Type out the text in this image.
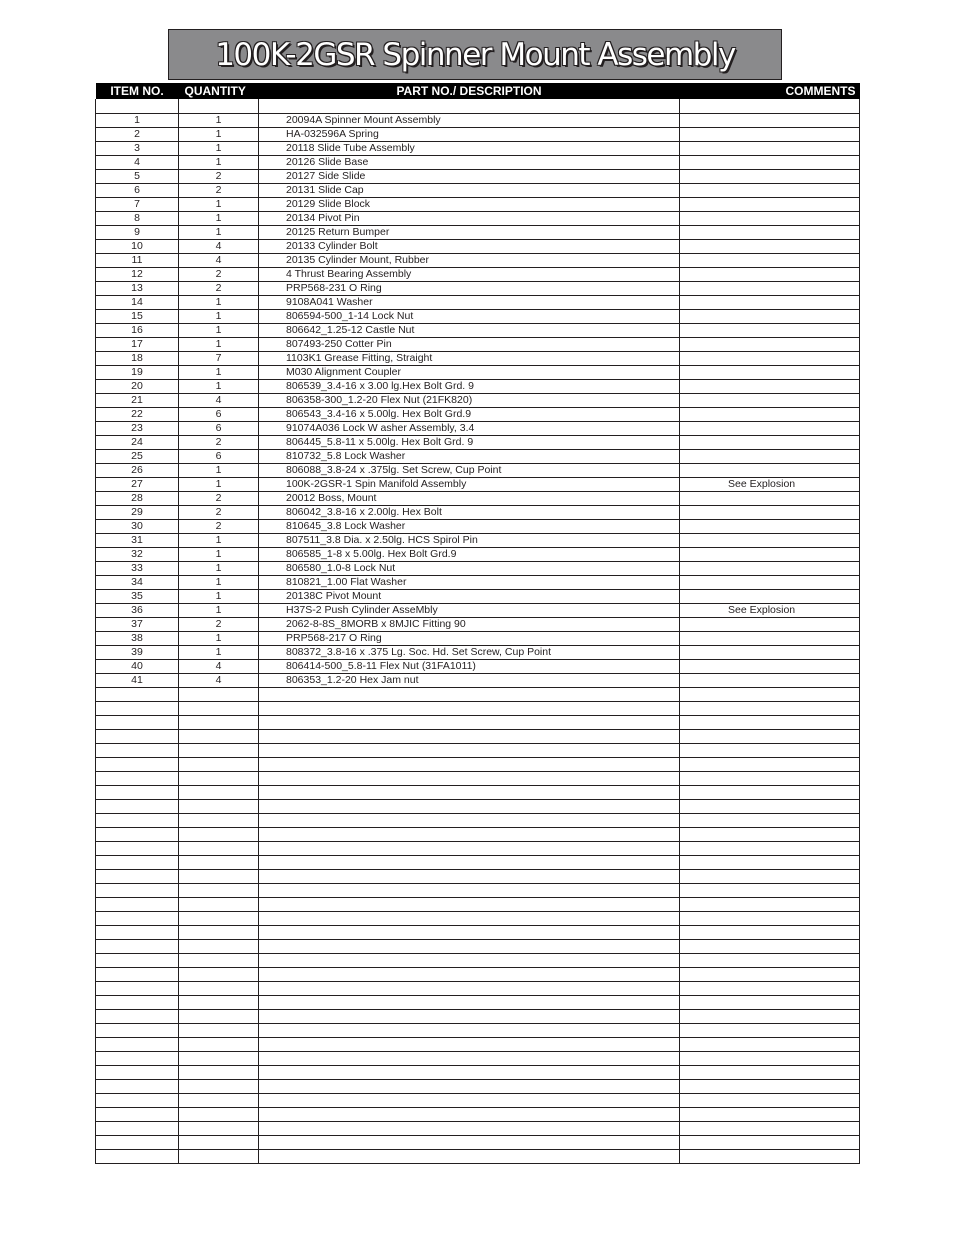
100K-2GSR Spinner Mount Assembly
ITEM NO.	QUANTITY	PART NO./ DESCRIPTION	COMMENTS

1	1	20094A Spinner Mount Assembly	
2	1	HA-032596A Spring	
3	1	20118 Slide Tube Assembly	
4	1	20126 Slide Base	
5	2	20127 Side Slide	
6	2	20131 Slide Cap	
7	1	20129 Slide Block	
8	1	20134 Pivot Pin	
9	1	20125 Return Bumper	
10	4	20133 Cylinder Bolt	
11	4	20135 Cylinder Mount, Rubber	
12	2	4 Thrust Bearing Assembly	
13	2	PRP568-231 O Ring	
14	1	9108A041 Washer	
15	1	806594-500_1-14 Lock Nut	
16	1	806642_1.25-12 Castle Nut	
17	1	807493-250 Cotter Pin	
18	7	1103K1 Grease Fitting, Straight	
19	1	M030 Alignment Coupler	
20	1	806539_3.4-16 x 3.00 lg.Hex Bolt Grd. 9	
21	4	806358-300_1.2-20 Flex Nut (21FK820)	
22	6	806543_3.4-16 x 5.00lg. Hex Bolt Grd.9	
23	6	91074A036 Lock W asher Assembly, 3.4	
24	2	806445_5.8-11 x 5.00lg. Hex Bolt Grd. 9	
25	6	810732_5.8 Lock Washer	
26	1	806088_3.8-24 x .375lg. Set Screw, Cup Point	
27	1	100K-2GSR-1 Spin Manifold Assembly	See Explosion
28	2	20012 Boss, Mount	
29	2	806042_3.8-16 x 2.00lg. Hex Bolt	
30	2	810645_3.8 Lock Washer	
31	1	807511_3.8 Dia. x 2.50lg. HCS Spirol Pin	
32	1	806585_1-8 x 5.00lg. Hex Bolt Grd.9	
33	1	806580_1.0-8 Lock Nut	
34	1	810821_1.00 Flat Washer	
35	1	20138C Pivot Mount	
36	1	H37S-2 Push Cylinder AsseMbly	See Explosion
37	2	2062-8-8S_8MORB x 8MJIC Fitting 90	
38	1	PRP568-217 O Ring	
39	1	808372_3.8-16 x .375 Lg. Soc. Hd. Set Screw, Cup Point	
40	4	806414-500_5.8-11 Flex Nut (31FA1011)	
41	4	806353_1.2-20 Hex Jam nut	
